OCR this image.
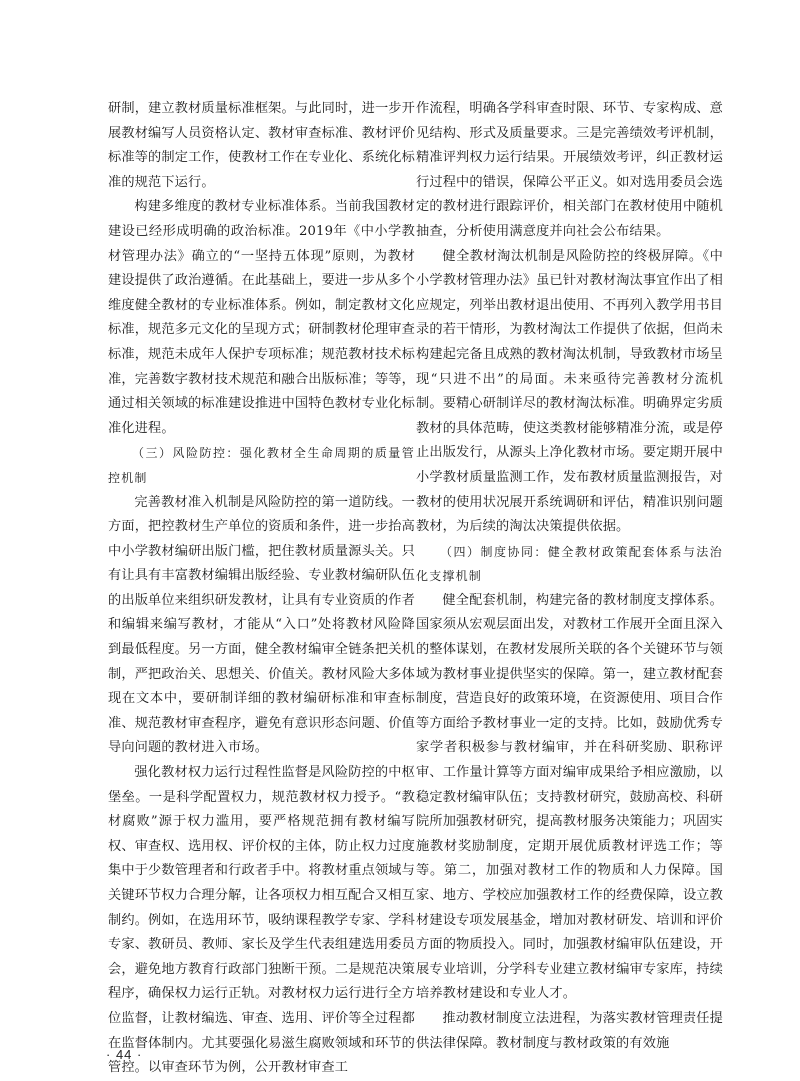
研制，建立教材质量标准框架。与此同时，进一步开展教材编写人员资格认定、教材审查标准、教材评价标准等的制定工作，使教材工作在专业化、系统化标准的规范下运行。

构建多维度的教材专业标准体系。当前我国教材建设已经形成明确的政治标准。2019年《中小学教材管理办法》确立的“一坚持五体现”原则，为教材建设提供了政治遵循。在此基础上，要进一步从多个维度健全教材的专业标准体系。例如，制定教材文化标准，规范多元文化的呈现方式；研制教材伦理审查标准，规范未成年人保护专项标准；规范教材技术标准，完善数字教材技术规范和融合出版标准；等等，通过相关领域的标准建设推进中国特色教材专业化标准化进程。

（三）风险防控：强化教材全生命周期的质量管控机制

完善教材准入机制是风险防控的第一道防线。一方面，把控教材生产单位的资质和条件，进一步抬高中小学教材编研出版门槛，把住教材质量源头关。只有让具有丰富教材编辑出版经验、专业教材编研队伍的出版单位来组织研发教材，让具有专业资质的作者和编辑来编写教材，才能从“入口”处将教材风险降到最低程度。另一方面，健全教材编审全链条把关机制，严把政治关、思想关、价值关。教材风险大多体现在文本中，要研制详细的教材编研标准和审查标准、规范教材审查程序，避免有意识形态问题、价值导向问题的教材进入市场。

强化教材权力运行过程性监督是风险防控的中枢堡垒。一是科学配置权力，规范教材权力授予。“教材腐败”源于权力滥用，要严格规范拥有教材编写权、审查权、选用权、评价权的主体，防止权力过度集中于少数管理者和行政者手中。将教材重点领域与关键环节权力合理分解，让各项权力相互配合又相互制约。例如，在选用环节，吸纳课程教学专家、学科专家、教研员、教师、家长及学生代表组建选用委员会，避免地方教育行政部门独断干预。二是规范决策程序，确保权力运行正轨。对教材权力运行进行全方位监督，让教材编选、审查、选用、评价等全过程都在监督体制内。尤其要强化易滋生腐败领域和环节的管控。以审查环节为例，公开教材审查工

作流程，明确各学科审查时限、环节、专家构成、意见结构、形式及质量要求。三是完善绩效考评机制，精准评判权力运行结果。开展绩效考评，纠正教材运行过程中的错误，保障公平正义。如对选用委员会选定的教材进行跟踪评价，相关部门在教材使用中随机抽查，分析使用满意度并向社会公布结果。

健全教材淘汰机制是风险防控的终极屏障。《中小学教材管理办法》虽已针对教材淘汰事宜作出了相应规定，列举出教材退出使用、不再列入教学用书目录的若干情形，为教材淘汰工作提供了依据，但尚未构建起完备且成熟的教材淘汰机制，导致教材市场呈现“只进不出”的局面。未来亟待完善教材分流机制。要精心研制详尽的教材淘汰标准。明确界定劣质教材的具体范畴，使这类教材能够精准分流，或是停止出版发行，从源头上净化教材市场。要定期开展中小学教材质量监测工作，发布教材质量监测报告，对教材的使用状况展开系统调研和评估，精准识别问题教材，为后续的淘汰决策提供依据。

（四）制度协同：健全教材政策配套体系与法治化支撑机制

健全配套机制，构建完备的教材制度支撑体系。国家须从宏观层面出发，对教材工作展开全面且深入的整体谋划，在教材发展所关联的各个关键环节与领域为教材事业提供坚实的保障。第一，建立教材配套制度，营造良好的政策环境，在资源使用、项目合作等方面给予教材事业一定的支持。比如，鼓励优秀专家学者积极参与教材编审，并在科研奖励、职称评审、工作量计算等方面对编审成果给予相应激励，以稳定教材编审队伍；支持教材研究，鼓励高校、科研院所加强教材研究，提高教材服务决策能力；巩固实施教材奖励制度，定期开展优质教材评选工作；等等。第二，加强对教材工作的物质和人力保障。国家、地方、学校应加强教材工作的经费保障，设立教材建设专项发展基金，增加对教材研发、培训和评价方面的物质投入。同时，加强教材编审队伍建设，开展专业培训，分学科专业建立教材编审专家库，持续培养教材建设和专业人才。

推动教材制度立法进程，为落实教材管理责任提供法律保障。教材制度与教材政策的有效施

· 44 ·
